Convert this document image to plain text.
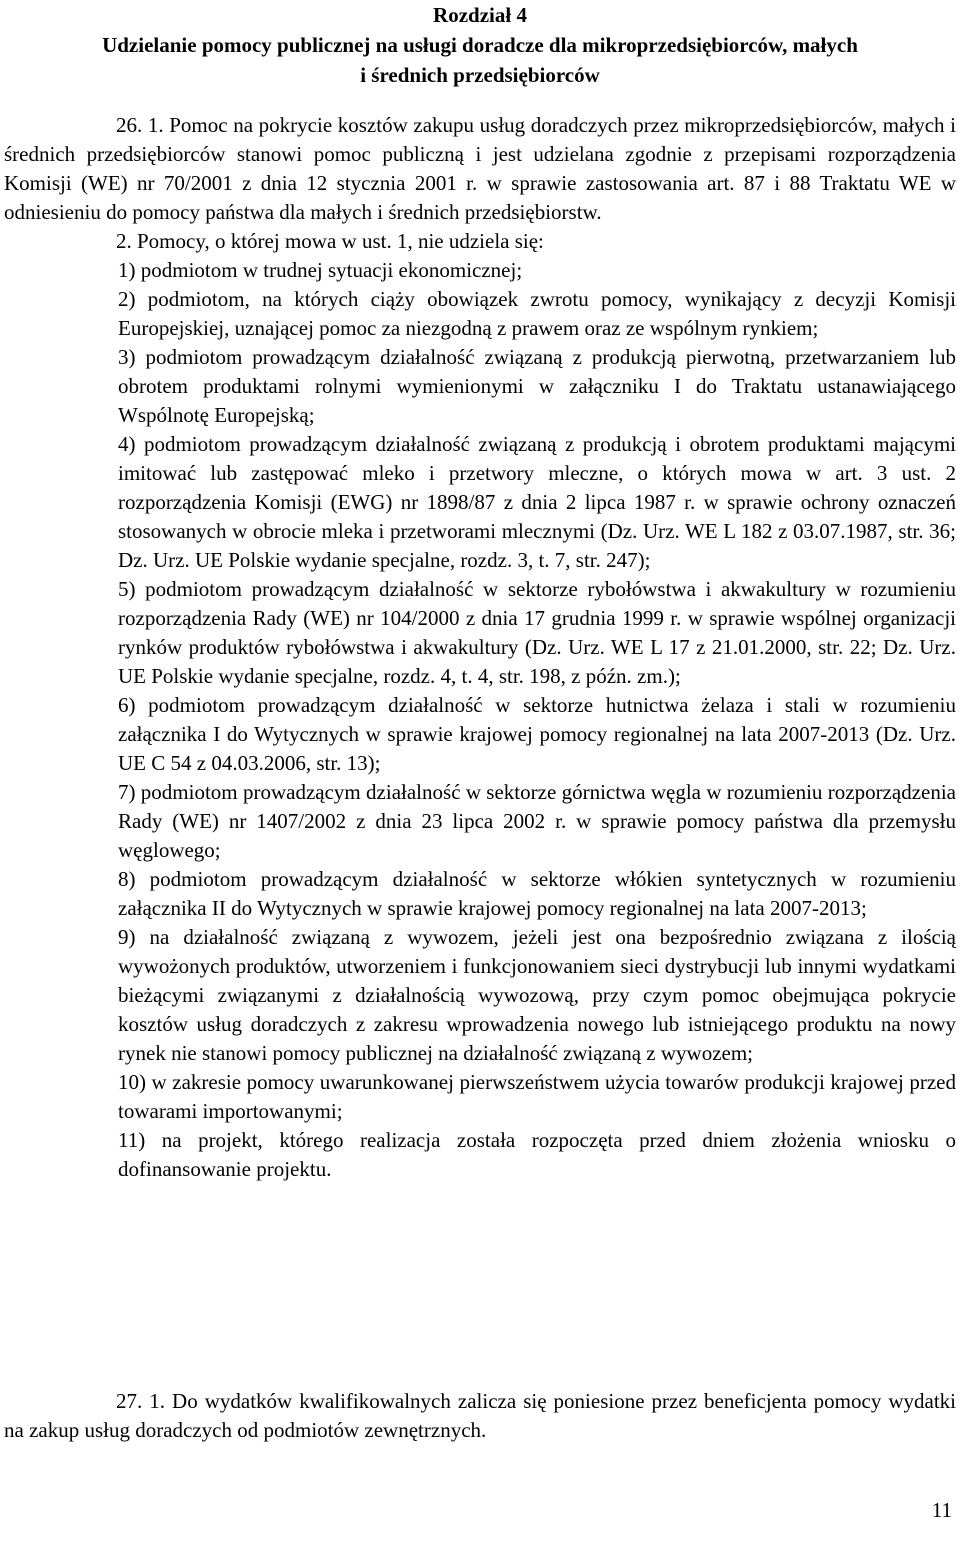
Rozdział 4
Udzielanie pomocy publicznej na usługi doradcze dla mikroprzedsiębiorców, małych
i średnich przedsiębiorców

26. 1. Pomoc na pokrycie kosztów zakupu usług doradczych przez mikroprzedsiębiorców, małych i średnich przedsiębiorców stanowi pomoc publiczną i jest udzielana zgodnie z przepisami rozporządzenia Komisji (WE) nr 70/2001 z dnia 12 stycznia 2001 r. w sprawie zastosowania art. 87 i 88 Traktatu WE w odniesieniu do pomocy państwa dla małych i średnich przedsiębiorstw.

2. Pomocy, o której mowa w ust. 1, nie udziela się:

1) podmiotom w trudnej sytuacji ekonomicznej;

2) podmiotom, na których ciąży obowiązek zwrotu pomocy, wynikający z decyzji Komisji Europejskiej, uznającej pomoc za niezgodną z prawem oraz ze wspólnym rynkiem;

3) podmiotom prowadzącym działalność związaną z produkcją pierwotną, przetwarzaniem lub obrotem produktami rolnymi wymienionymi w załączniku I do Traktatu ustanawiającego Wspólnotę Europejską;

4) podmiotom prowadzącym działalność związaną z produkcją i obrotem produktami mającymi imitować lub zastępować mleko i przetwory mleczne, o których mowa w art. 3 ust. 2 rozporządzenia Komisji (EWG) nr 1898/87 z dnia 2 lipca 1987 r. w sprawie ochrony oznaczeń stosowanych w obrocie mleka i przetworami mlecznymi (Dz. Urz. WE L 182 z 03.07.1987, str. 36; Dz. Urz. UE Polskie wydanie specjalne, rozdz. 3, t. 7, str. 247);

5) podmiotom prowadzącym działalność w sektorze rybołówstwa i akwakultury w rozumieniu rozporządzenia Rady (WE) nr 104/2000 z dnia 17 grudnia 1999 r. w sprawie wspólnej organizacji rynków produktów rybołówstwa i akwakultury (Dz. Urz. WE L 17 z 21.01.2000, str. 22; Dz. Urz. UE Polskie wydanie specjalne, rozdz. 4, t. 4, str. 198, z późn. zm.);

6) podmiotom prowadzącym działalność w sektorze hutnictwa żelaza i stali w rozumieniu załącznika I do Wytycznych w sprawie krajowej pomocy regionalnej na lata 2007-2013 (Dz. Urz. UE C 54 z 04.03.2006, str. 13);

7) podmiotom prowadzącym działalność w sektorze górnictwa węgla w rozumieniu rozporządzenia Rady (WE) nr 1407/2002 z dnia 23 lipca 2002 r. w sprawie pomocy państwa dla przemysłu węglowego;

8) podmiotom prowadzącym działalność w sektorze włókien syntetycznych w rozumieniu załącznika II do Wytycznych w sprawie krajowej pomocy regionalnej na lata 2007-2013;

9) na działalność związaną z wywozem, jeżeli jest ona bezpośrednio związana z ilością wywożonych produktów, utworzeniem i funkcjonowaniem sieci dystrybucji lub innymi wydatkami bieżącymi związanymi z działalnością wywozową, przy czym pomoc obejmująca pokrycie kosztów usług doradczych z zakresu wprowadzenia nowego lub istniejącego produktu na nowy rynek nie stanowi pomocy publicznej na działalność związaną z wywozem;

10) w zakresie pomocy uwarunkowanej pierwszeństwem użycia towarów produkcji krajowej przed towarami importowanymi;

11) na projekt, którego realizacja została rozpoczęta przed dniem złożenia wniosku o dofinansowanie projektu.

27. 1. Do wydatków kwalifikowalnych zalicza się poniesione przez beneficjenta pomocy wydatki na zakup usług doradczych od podmiotów zewnętrznych.

11
